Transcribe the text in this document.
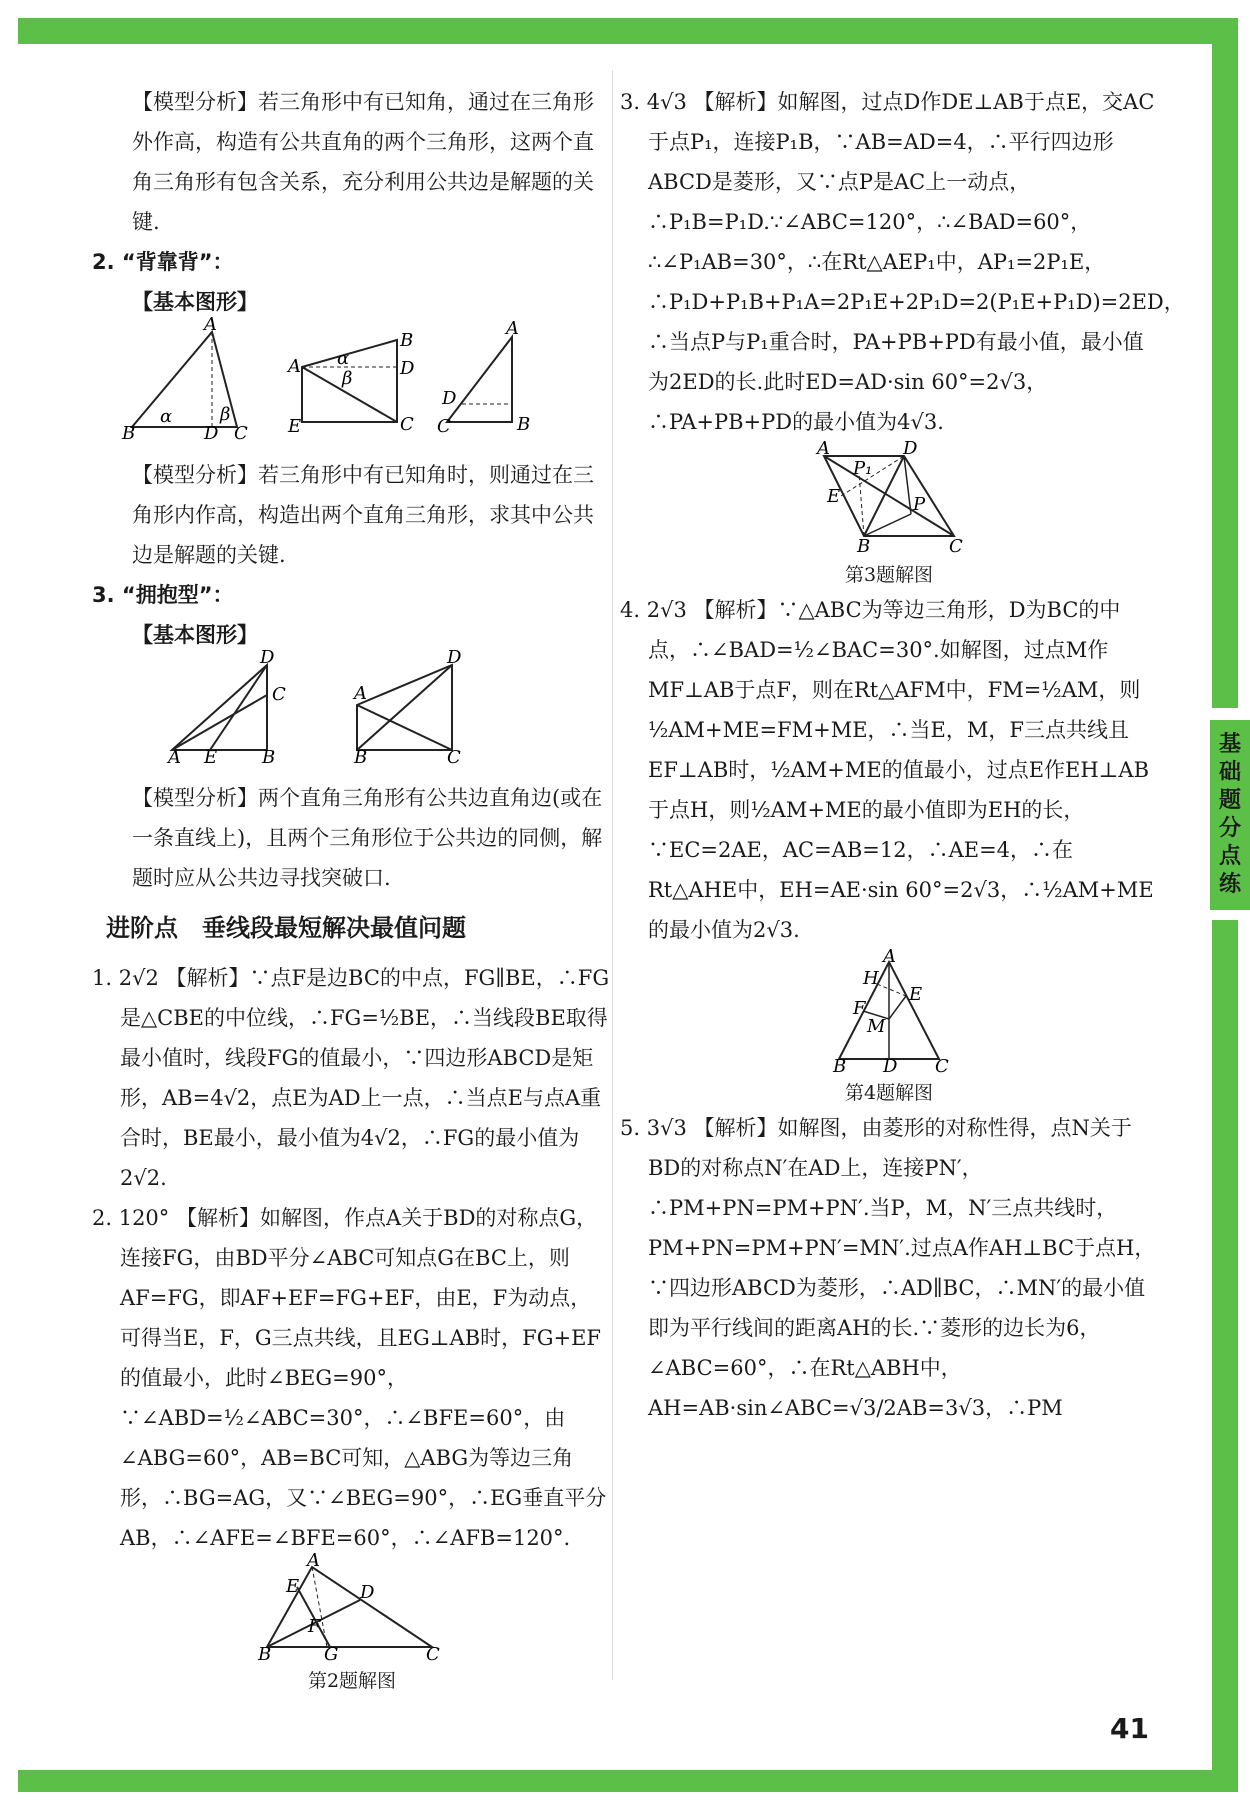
【模型分析】若三角形中有已知角，通过在三角形外作高，构造有公共直角的两个三角形，这两个直角三角形有包含关系，充分利用公共边是解题的关键.

2. “背靠背”：

【基本图形】

B
A
D C
α	β
A
B
D
C
E
α
β
A
D
C	B

【模型分析】若三角形中有已知角时，则通过在三角形内作高，构造出两个直角三角形，求其中公共边是解题的关键.

3. “拥抱型”：

【基本图形】

D
C
A E B
A
D
B	C

【模型分析】两个直角三角形有公共边直角边(或在一条直线上)，且两个三角形位于公共边的同侧，解题时应从公共边寻找突破口.

进阶点　垂线段最短解决最值问题

1. 2√2 【解析】∵点F是边BC的中点，FG∥BE，∴FG是△CBE的中位线，∴FG=½BE，∴当线段BE取得最小值时，线段FG的值最小，∵四边形ABCD是矩形，AB=4√2，点E为AD上一点，∴当点E与点A重合时，BE最小，最小值为4√2，∴FG的最小值为2√2.

2. 120° 【解析】如解图，作点A关于BD的对称点G，连接FG，由BD平分∠ABC可知点G在BC上，则AF=FG，即AF+EF=FG+EF，由E，F为动点，可得当E，F，G三点共线，且EG⊥AB时，FG+EF的值最小，此时∠BEG=90°，∵∠ABD=½∠ABC=30°，∴∠BFE=60°，由∠ABG=60°，AB=BC可知，△ABG为等边三角形，∴BG=AG，又∵∠BEG=90°，∴EG垂直平分AB，∴∠AFE=∠BFE=60°，∴∠AFB=120°.

A
E	D
F
B	G	C

第2题解图

3. 4√3 【解析】如解图，过点D作DE⊥AB于点E，交AC于点P₁，连接P₁B，∵AB=AD=4，∴平行四边形ABCD是菱形，又∵点P是AC上一动点，∴P₁B=P₁D.∵∠ABC=120°，∴∠BAD=60°，∴∠P₁AB=30°，∴在Rt△AEP₁中，AP₁=2P₁E，∴P₁D+P₁B+P₁A=2P₁E+2P₁D=2(P₁E+P₁D)=2ED，∴当点P与P₁重合时，PA+PB+PD有最小值，最小值为2ED的长.此时ED=AD·sin 60°=2√3，∴PA+PB+PD的最小值为4√3.

A	D
P₁
E	P
B	C

第3题解图

4. 2√3 【解析】∵△ABC为等边三角形，D为BC的中点，∴∠BAD=½∠BAC=30°.如解图，过点M作MF⊥AB于点F，则在Rt△AFM中，FM=½AM，则½AM+ME=FM+ME，∴当E，M，F三点共线且EF⊥AB时，½AM+ME的值最小，过点E作EH⊥AB于点H，则½AM+ME的最小值即为EH的长，∵EC=2AE，AC=AB=12，∴AE=4，∴在Rt△AHE中，EH=AE·sin 60°=2√3，∴½AM+ME的最小值为2√3.

A
H
E
F
M
B D C

第4题解图

5. 3√3 【解析】如解图，由菱形的对称性得，点N关于BD的对称点N′在AD上，连接PN′，∴PM+PN=PM+PN′.当P，M，N′三点共线时，PM+PN=PM+PN′=MN′.过点A作AH⊥BC于点H，∵四边形ABCD为菱形，∴AD∥BC，∴MN′的最小值即为平行线间的距离AH的长.∵菱形的边长为6，∠ABC=60°，∴在Rt△ABH中，AH=AB·sin∠ABC=√3/2AB=3√3，∴PM

基
础
题
分
点
练
41
